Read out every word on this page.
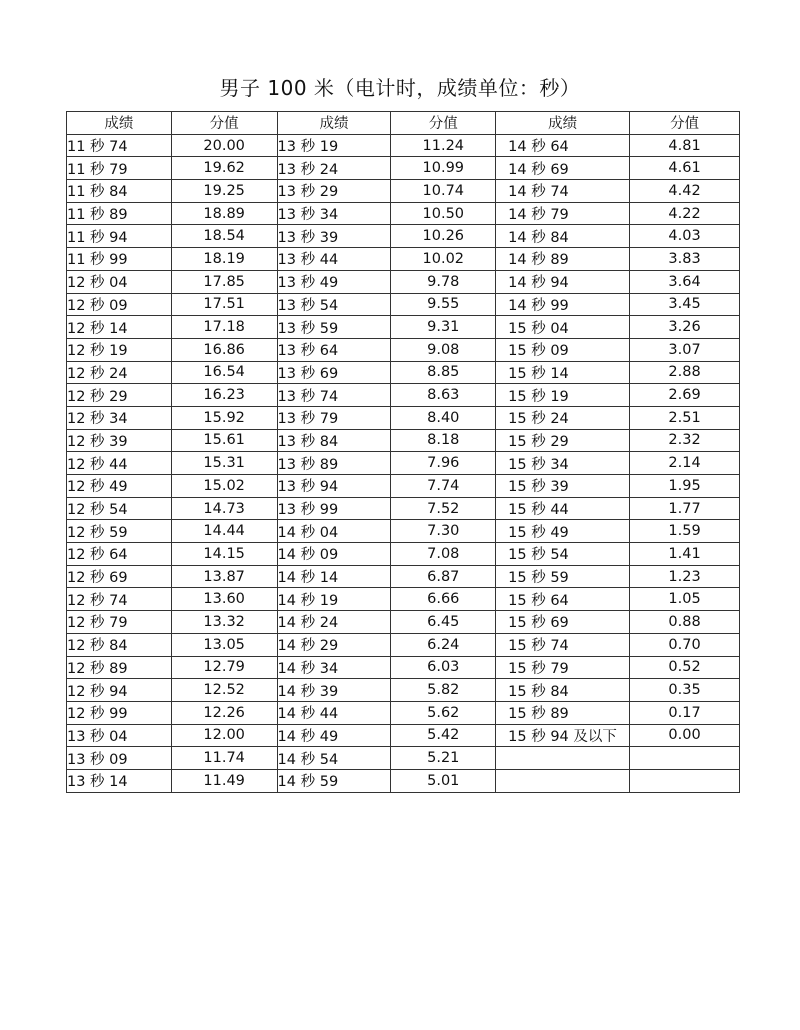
男子 100 米（电计时，成绩单位：秒）
成绩	分值	成绩	分值	成绩	分值
11 秒 74	20.00	13 秒 19	11.24	14 秒 64	4.81
11 秒 79	19.62	13 秒 24	10.99	14 秒 69	4.61
11 秒 84	19.25	13 秒 29	10.74	14 秒 74	4.42
11 秒 89	18.89	13 秒 34	10.50	14 秒 79	4.22
11 秒 94	18.54	13 秒 39	10.26	14 秒 84	4.03
11 秒 99	18.19	13 秒 44	10.02	14 秒 89	3.83
12 秒 04	17.85	13 秒 49	9.78	14 秒 94	3.64
12 秒 09	17.51	13 秒 54	9.55	14 秒 99	3.45
12 秒 14	17.18	13 秒 59	9.31	15 秒 04	3.26
12 秒 19	16.86	13 秒 64	9.08	15 秒 09	3.07
12 秒 24	16.54	13 秒 69	8.85	15 秒 14	2.88
12 秒 29	16.23	13 秒 74	8.63	15 秒 19	2.69
12 秒 34	15.92	13 秒 79	8.40	15 秒 24	2.51
12 秒 39	15.61	13 秒 84	8.18	15 秒 29	2.32
12 秒 44	15.31	13 秒 89	7.96	15 秒 34	2.14
12 秒 49	15.02	13 秒 94	7.74	15 秒 39	1.95
12 秒 54	14.73	13 秒 99	7.52	15 秒 44	1.77
12 秒 59	14.44	14 秒 04	7.30	15 秒 49	1.59
12 秒 64	14.15	14 秒 09	7.08	15 秒 54	1.41
12 秒 69	13.87	14 秒 14	6.87	15 秒 59	1.23
12 秒 74	13.60	14 秒 19	6.66	15 秒 64	1.05
12 秒 79	13.32	14 秒 24	6.45	15 秒 69	0.88
12 秒 84	13.05	14 秒 29	6.24	15 秒 74	0.70
12 秒 89	12.79	14 秒 34	6.03	15 秒 79	0.52
12 秒 94	12.52	14 秒 39	5.82	15 秒 84	0.35
12 秒 99	12.26	14 秒 44	5.62	15 秒 89	0.17
13 秒 04	12.00	14 秒 49	5.42	15 秒 94 及以下	0.00
13 秒 09	11.74	14 秒 54	5.21		
13 秒 14	11.49	14 秒 59	5.01		
